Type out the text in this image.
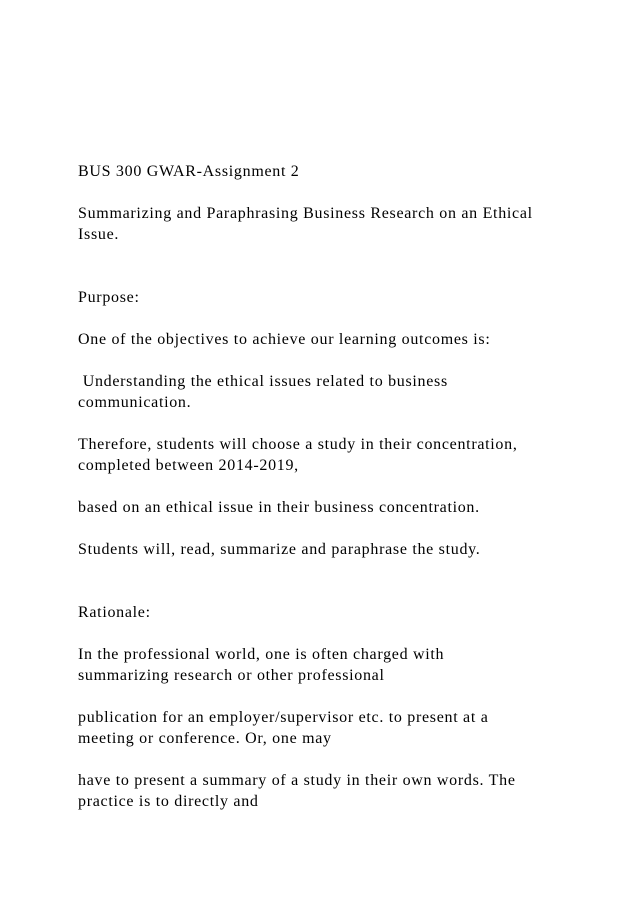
BUS 300 GWAR-Assignment 2

Summarizing and Paraphrasing Business Research on an Ethical

Issue.

Purpose:

One of the objectives to achieve our learning outcomes is:

Understanding the ethical issues related to business

communication.

Therefore, students will choose a study in their concentration,

completed between 2014-2019,

based on an ethical issue in their business concentration.

Students will, read, summarize and paraphrase the study.

Rationale:

In the professional world, one is often charged with

summarizing research or other professional

publication for an employer/supervisor etc. to present at a

meeting or conference. Or, one may

have to present a summary of a study in their own words. The

practice is to directly and
